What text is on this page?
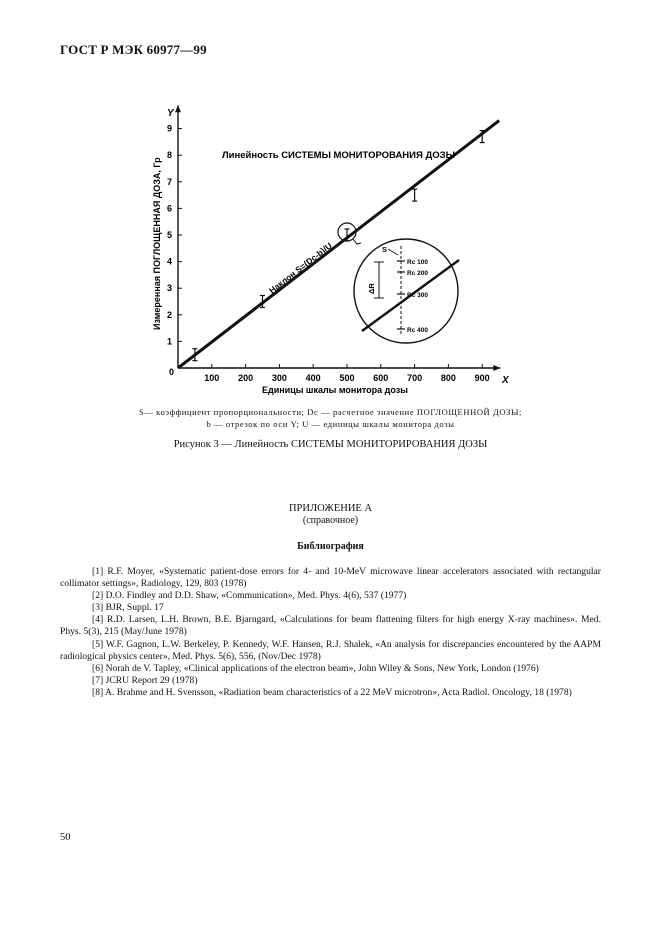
ГОСТ Р МЭК 60977—99
100 200 300 400 500 600 700 800 900
1
2
3
4
5
6
7
8
9
S
ΔR
Rc 100
Rc 200
Rc 300
Rc 400
Линейность СИСТЕМЫ МОНИТОРОВАНИЯ ДОЗЫ
Единицы шкалы монитора дозы
Измеренная ПОГЛОЩЕННАЯ ДОЗА, Гр
X
Y
0
Наклон S=(Dc-b)/U
S— коэффициент пропорциональности; Dc — расчетное значение ПОГЛОЩЕННОЙ ДОЗЫ;
b — отрезок по оси Y; U — единицы шкалы монитора дозы
Рисунок 3 — Линейность СИСТЕМЫ МОНИТОРИРОВАНИЯ ДОЗЫ
ПРИЛОЖЕНИЕ А
(справочное)
Библиография

[1] R.F. Moyer, «Systematic patient-dose errors for 4- and 10-MeV microwave linear accelerators associated with rectangular collimator settings», Radiology, 129, 803 (1978)

[2] D.O. Findley and D.D. Shaw, «Communication», Med. Phys. 4(6), 537 (1977)

[3] BJR, Suppl. 17

[4] R.D. Larsen, L.H. Brown, B.E. Bjarngard, «Calculations for beam flattening filters for high energy X-ray machines». Med. Phys. 5(3), 215 (May/June 1978)

[5] W.F. Gagnon, L.W. Berkeley, P. Kennedy, W.F. Hansen, R.J. Shalek, «An analysis for discrepancies encountered by the AAPM radiological physics center», Med. Phys. 5(6), 556, (Nov/Dec 1978)

[6] Norah de V. Tapley, «Clinical applications of the electron beam», John Wiley & Sons, New York, London (1976)

[7] JCRU Report 29 (1978)

[8] A. Brahme and H. Svensson, «Radiation beam characteristics of a 22 MeV microtron», Acta Radiol. Oncology, 18 (1978)

50
